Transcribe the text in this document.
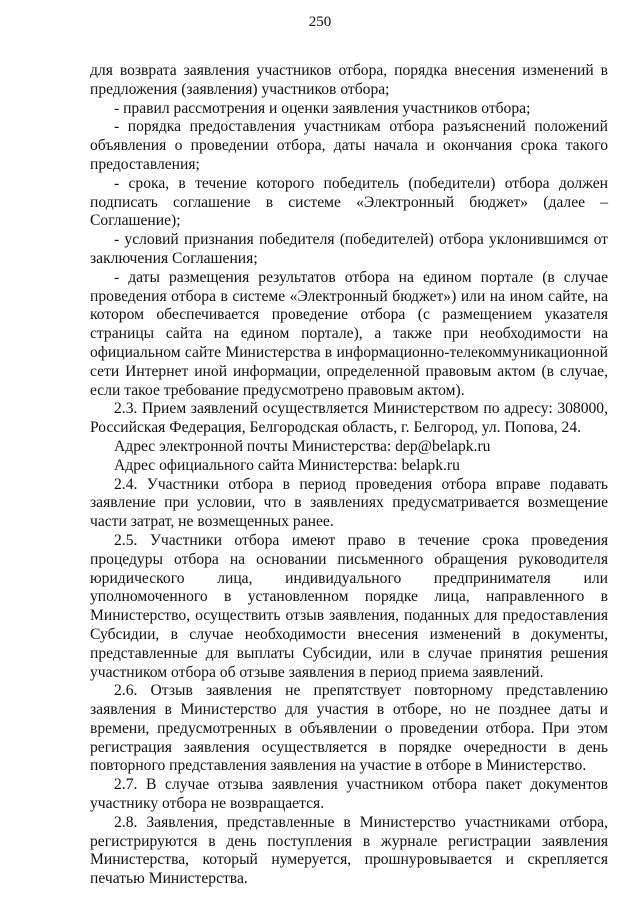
250

для возврата заявления участников отбора, порядка внесения изменений в предложения (заявления) участников отбора;

- правил рассмотрения и оценки заявления участников отбора;

- порядка предоставления участникам отбора разъяснений положений объявления о проведении отбора, даты начала и окончания срока такого предоставления;

- срока, в течение которого победитель (победители) отбора должен подписать соглашение в системе «Электронный бюджет» (далее – Соглашение);

- условий признания победителя (победителей) отбора уклонившимся от заключения Соглашения;

- даты размещения результатов отбора на едином портале (в случае проведения отбора в системе «Электронный бюджет») или на ином сайте, на котором обеспечивается проведение отбора (с размещением указателя страницы сайта на едином портале), а также при необходимости на официальном сайте Министерства в информационно-телекоммуникационной сети Интернет иной информации, определенной правовым актом (в случае, если такое требование предусмотрено правовым актом).

2.3. Прием заявлений осуществляется Министерством по адресу: 308000, Российская Федерация, Белгородская область, г. Белгород, ул. Попова, 24.

Адрес электронной почты Министерства: dep@belapk.ru

Адрес официального сайта Министерства: belapk.ru

2.4. Участники отбора в период проведения отбора вправе подавать заявление при условии, что в заявлениях предусматривается возмещение части затрат, не возмещенных ранее.

2.5. Участники отбора имеют право в течение срока проведения процедуры отбора на основании письменного обращения руководителя юридического лица, индивидуального предпринимателя или уполномоченного в установленном порядке лица, направленного в Министерство, осуществить отзыв заявления, поданных для предоставления Субсидии, в случае необходимости внесения изменений в документы, представленные для выплаты Субсидии, или в случае принятия решения участником отбора об отзыве заявления в период приема заявлений.

2.6. Отзыв заявления не препятствует повторному представлению заявления в Министерство для участия в отборе, но не позднее даты и времени, предусмотренных в объявлении о проведении отбора. При этом регистрация заявления осуществляется в порядке очередности в день повторного представления заявления на участие в отборе в Министерство.

2.7. В случае отзыва заявления участником отбора пакет документов участнику отбора не возвращается.

2.8. Заявления, представленные в Министерство участниками отбора, регистрируются в день поступления в журнале регистрации заявления Министерства, который нумеруется, прошнуровывается и скрепляется печатью Министерства.
